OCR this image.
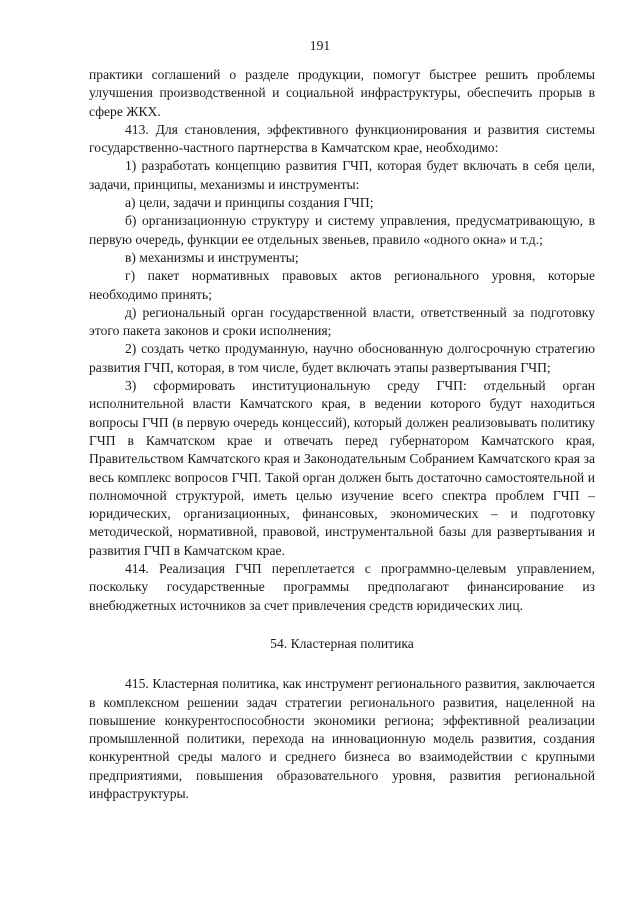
191

практики соглашений о разделе продукции, помогут быстрее решить проблемы улучшения производственной и социальной инфраструктуры, обеспечить прорыв в сфере ЖКХ.

413. Для становления, эффективного функционирования и развития системы государственно-частного партнерства в Камчатском крае, необходимо:

1) разработать концепцию развития ГЧП, которая будет включать в себя цели, задачи, принципы, механизмы и инструменты:

а) цели, задачи и принципы создания ГЧП;

б) организационную структуру и систему управления, предусматривающую, в первую очередь, функции ее отдельных звеньев, правило «одного окна» и т.д.;

в) механизмы и инструменты;

г) пакет нормативных правовых актов регионального уровня, которые необходимо принять;

д) региональный орган государственной власти, ответственный за подготовку этого пакета законов и сроки исполнения;

2) создать четко продуманную, научно обоснованную долгосрочную стратегию развития ГЧП, которая, в том числе, будет включать этапы развертывания ГЧП;

3) сформировать институциональную среду ГЧП: отдельный орган исполнительной власти Камчатского края, в ведении которого будут находиться вопросы ГЧП (в первую очередь концессий), который должен реализовывать политику ГЧП в Камчатском крае и отвечать перед губернатором Камчатского края, Правительством Камчатского края и Законодательным Собранием Камчатского края за весь комплекс вопросов ГЧП. Такой орган должен быть достаточно самостоятельной и полномочной структурой, иметь целью изучение всего спектра проблем ГЧП – юридических, организационных, финансовых, экономических – и подготовку методической, нормативной, правовой, инструментальной базы для развертывания и развития ГЧП в Камчатском крае.

414. Реализация ГЧП переплетается с программно-целевым управлением, поскольку государственные программы предполагают финансирование из внебюджетных источников за счет привлечения средств юридических лиц.

54. Кластерная политика

415. Кластерная политика, как инструмент регионального развития, заключается в комплексном решении задач стратегии регионального развития, нацеленной на повышение конкурентоспособности экономики региона; эффективной реализации промышленной политики, перехода на инновационную модель развития, создания конкурентной среды малого и среднего бизнеса во взаимодействии с крупными предприятиями, повышения образовательного уровня, развития региональной инфраструктуры.
